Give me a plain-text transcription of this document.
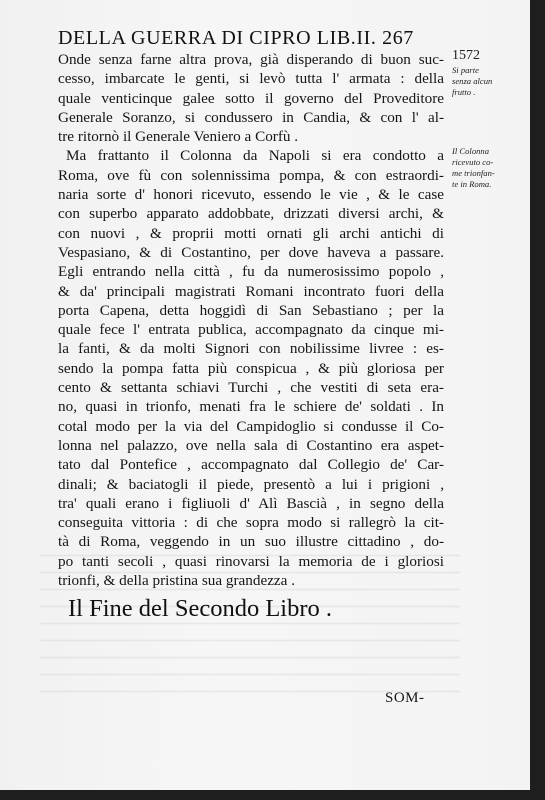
DELLA GUERRA DI CIPRO LIB.II. 267
1572
Si parte
senza alcun
frutto .
Il Colonna
ricevuto co-
me trionfan-
te in Roma.
Onde senza farne altra prova, già disperando di buon suc-
cesso, imbarcate le genti, si levò tutta l' armata : della
quale venticinque galee sotto il governo del Proveditore
Generale Soranzo, si condussero in Candia, & con l' al-
tre ritornò il Generale Veniero a Corfù .
Ma frattanto il Colonna da Napoli si era condotto a
Roma, ove fù con solennissima pompa, & con estraordi-
naria sorte d' honori ricevuto, essendo le vie , & le case
con superbo apparato addobbate, drizzati diversi archi, &
con nuovi , & proprii motti ornati gli archi antichi di
Vespasiano, & di Costantino, per dove haveva a passare.
Egli entrando nella città , fu da numerosissimo popolo ,
& da' principali magistrati Romani incontrato fuori della
porta Capena, detta hoggidì di San Sebastiano ; per la
quale fece l' entrata publica, accompagnato da cinque mi-
la fanti, & da molti Signori con nobilissime livree : es-
sendo la pompa fatta più conspicua , & più gloriosa per
cento & settanta schiavi Turchi , che vestiti di seta era-
no, quasi in trionfo, menati fra le schiere de' soldati . In
cotal modo per la via del Campidoglio si condusse il Co-
lonna nel palazzo, ove nella sala di Costantino era aspet-
tato dal Pontefice , accompagnato dal Collegio de' Car-
dinali; & baciatogli il piede, presentò a lui i prigioni ,
tra' quali erano i figliuoli d' Alì Bascià , in segno della
conseguita vittoria : di che sopra modo si rallegrò la cit-
tà di Roma, veggendo in un suo illustre cittadino , do-
po tanti secoli , quasi rinovarsi la memoria de i gloriosi
trionfi, & della pristina sua grandezza .
Il Fine del Secondo Libro .
SOM-
